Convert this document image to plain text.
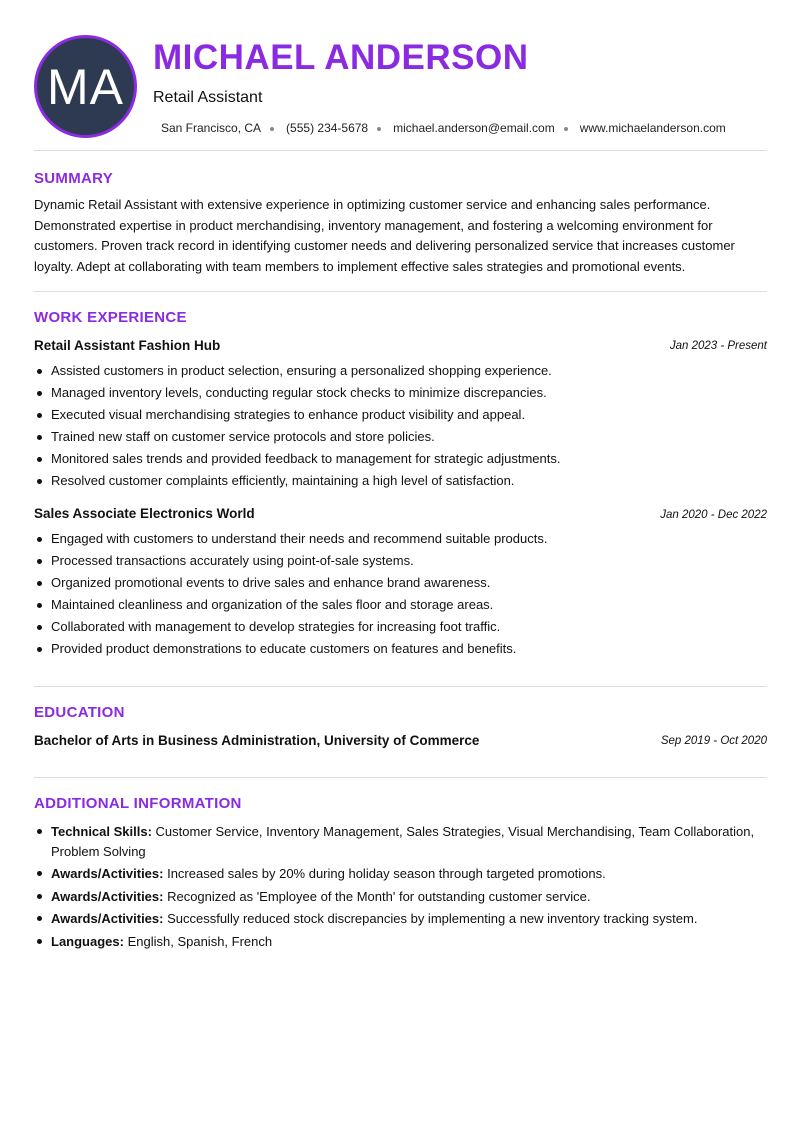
MA
MICHAEL ANDERSON
Retail Assistant
San Francisco, CA (555) 234-5678 michael.anderson@email.com www.michaelanderson.com
SUMMARY
Dynamic Retail Assistant with extensive experience in optimizing customer service and enhancing sales performance. Demonstrated expertise in product merchandising, inventory management, and fostering a welcoming environment for customers. Proven track record in identifying customer needs and delivering personalized service that increases customer loyalty. Adept at collaborating with team members to implement effective sales strategies and promotional events.
WORK EXPERIENCE
Retail Assistant Fashion Hub	Jan 2023 - Present
Assisted customers in product selection, ensuring a personalized shopping experience.
Managed inventory levels, conducting regular stock checks to minimize discrepancies.
Executed visual merchandising strategies to enhance product visibility and appeal.
Trained new staff on customer service protocols and store policies.
Monitored sales trends and provided feedback to management for strategic adjustments.
Resolved customer complaints efficiently, maintaining a high level of satisfaction.
Sales Associate Electronics World	Jan 2020 - Dec 2022
Engaged with customers to understand their needs and recommend suitable products.
Processed transactions accurately using point-of-sale systems.
Organized promotional events to drive sales and enhance brand awareness.
Maintained cleanliness and organization of the sales floor and storage areas.
Collaborated with management to develop strategies for increasing foot traffic.
Provided product demonstrations to educate customers on features and benefits.
EDUCATION
Bachelor of Arts in Business Administration, University of Commerce	Sep 2019 - Oct 2020
ADDITIONAL INFORMATION
Technical Skills: Customer Service, Inventory Management, Sales Strategies, Visual Merchandising, Team Collaboration, Problem Solving
Awards/Activities: Increased sales by 20% during holiday season through targeted promotions.
Awards/Activities: Recognized as 'Employee of the Month' for outstanding customer service.
Awards/Activities: Successfully reduced stock discrepancies by implementing a new inventory tracking system.
Languages: English, Spanish, French
